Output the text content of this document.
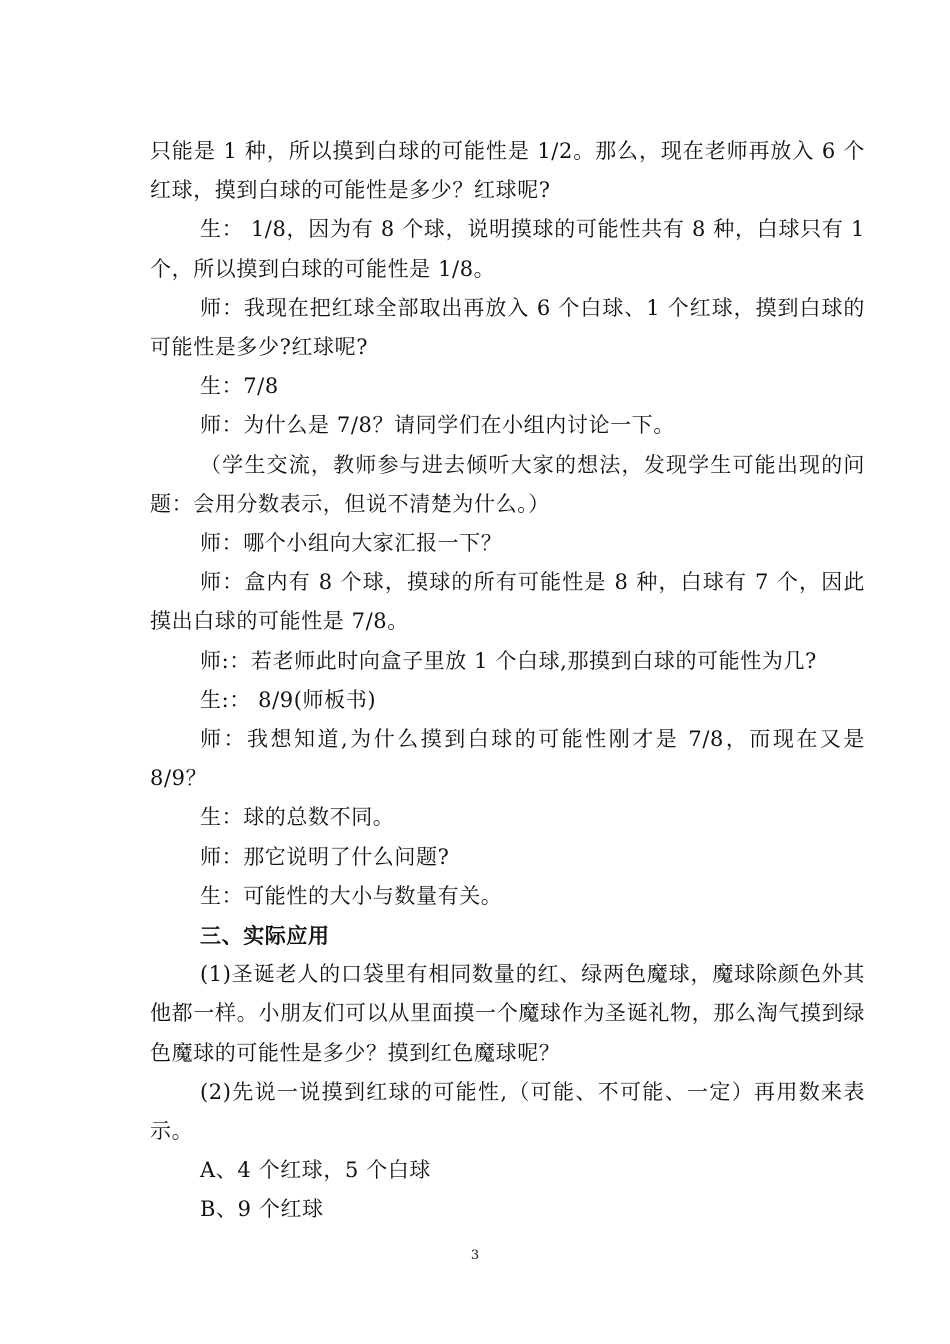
只能是 1 种，所以摸到白球的可能性是 1/2。那么，现在老师再放入 6 个红球，摸到白球的可能性是多少？红球呢?

生： 1/8，因为有 8 个球，说明摸球的可能性共有 8 种，白球只有 1 个，所以摸到白球的可能性是 1/8。

师：我现在把红球全部取出再放入 6 个白球、1 个红球，摸到白球的可能性是多少?红球呢?

生：7/8

师：为什么是 7/8？请同学们在小组内讨论一下。

（学生交流，教师参与进去倾听大家的想法，发现学生可能出现的问题：会用分数表示，但说不清楚为什么。）

师：哪个小组向大家汇报一下？

师：盒内有 8 个球，摸球的所有可能性是 8 种，白球有 7 个，因此摸出白球的可能性是 7/8。

师:：若老师此时向盒子里放 1 个白球,那摸到白球的可能性为几?

生:： 8/9(师板书)

师：我想知道,为什么摸到白球的可能性刚才是 7/8，而现在又是 8/9？

生：球的总数不同。

师：那它说明了什么问题?

生：可能性的大小与数量有关。

三、实际应用

(1)圣诞老人的口袋里有相同数量的红、绿两色魔球，魔球除颜色外其他都一样。小朋友们可以从里面摸一个魔球作为圣诞礼物，那么淘气摸到绿色魔球的可能性是多少？摸到红色魔球呢？

(2)先说一说摸到红球的可能性,（可能、不可能、一定）再用数来表示。

A、4 个红球，5 个白球

B、9 个红球

3
